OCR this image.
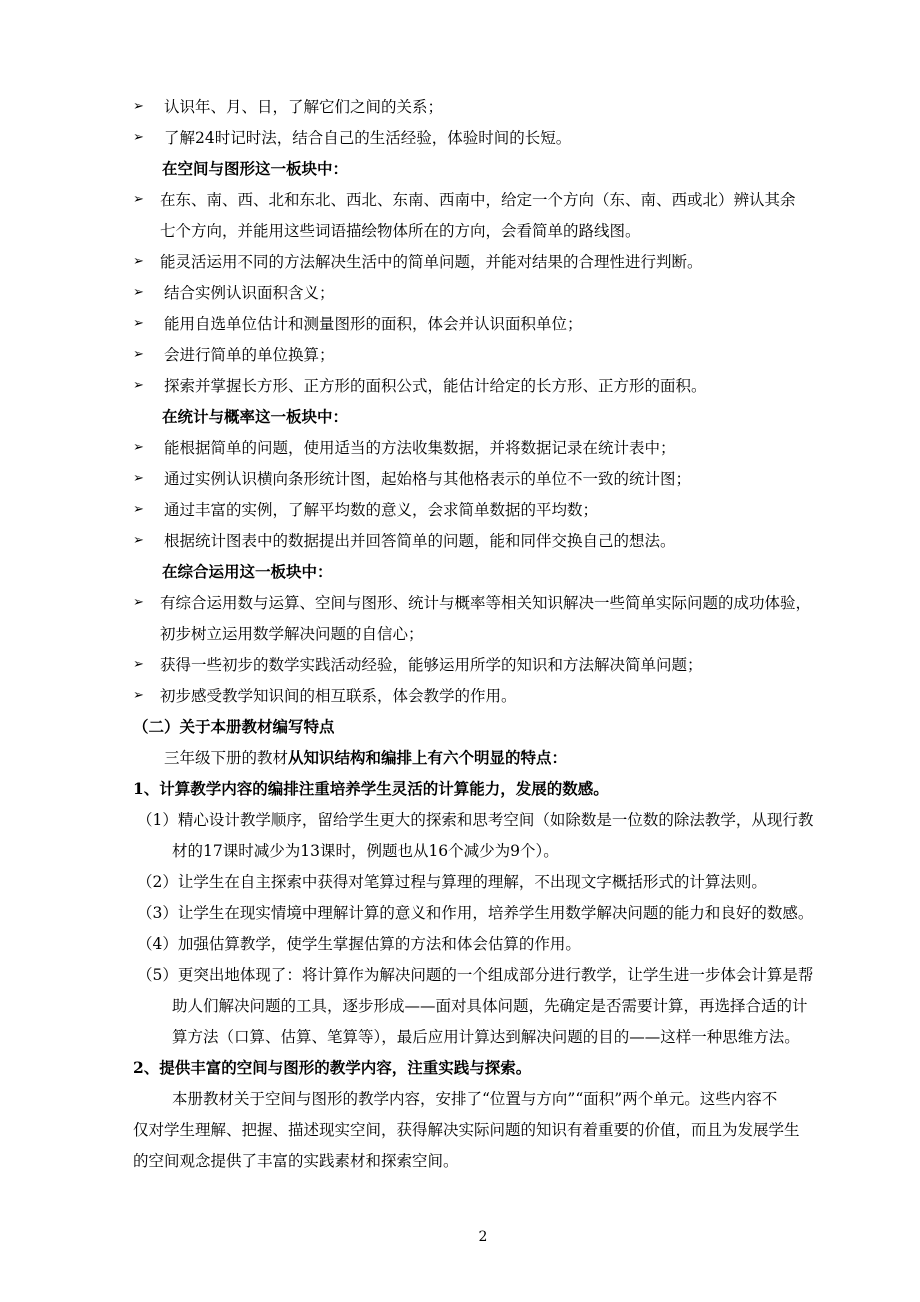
➢ 认识年、月、日，了解它们之间的关系；
➢ 了解24时记时法，结合自己的生活经验，体验时间的长短。
在空间与图形这一板块中：
➢ 在东、南、西、北和东北、西北、东南、西南中，给定一个方向（东、南、西或北）辨认其余
七个方向，并能用这些词语描绘物体所在的方向，会看简单的路线图。
➢ 能灵活运用不同的方法解决生活中的简单问题，并能对结果的合理性进行判断。
➢ 结合实例认识面积含义；
➢ 能用自选单位估计和测量图形的面积，体会并认识面积单位；
➢ 会进行简单的单位换算；
➢ 探索并掌握长方形、正方形的面积公式，能估计给定的长方形、正方形的面积。
在统计与概率这一板块中：
➢ 能根据简单的问题，使用适当的方法收集数据，并将数据记录在统计表中；
➢ 通过实例认识横向条形统计图，起始格与其他格表示的单位不一致的统计图；
➢ 通过丰富的实例，了解平均数的意义，会求简单数据的平均数；
➢ 根据统计图表中的数据提出并回答简单的问题，能和同伴交换自己的想法。
在综合运用这一板块中：
➢ 有综合运用数与运算、空间与图形、统计与概率等相关知识解决一些简单实际问题的成功体验，
初步树立运用数学解决问题的自信心；
➢ 获得一些初步的数学实践活动经验，能够运用所学的知识和方法解决简单问题；
➢ 初步感受教学知识间的相互联系，体会教学的作用。
（二）关于本册教材编写特点
三年级下册的教材从知识结构和编排上有六个明显的特点：
1、计算教学内容的编排注重培养学生灵活的计算能力，发展的数感。
（1）精心设计教学顺序，留给学生更大的探索和思考空间（如除数是一位数的除法教学，从现行教
材的17课时减少为13课时，例题也从16个减少为9个）。
（2）让学生在自主探索中获得对笔算过程与算理的理解，不出现文字概括形式的计算法则。
（3）让学生在现实情境中理解计算的意义和作用，培养学生用数学解决问题的能力和良好的数感。
（4）加强估算教学，使学生掌握估算的方法和体会估算的作用。
（5）更突出地体现了：将计算作为解决问题的一个组成部分进行教学，让学生进一步体会计算是帮
助人们解决问题的工具，逐步形成——面对具体问题，先确定是否需要计算，再选择合适的计
算方法（口算、估算、笔算等），最后应用计算达到解决问题的目的——这样一种思维方法。
2、提供丰富的空间与图形的教学内容，注重实践与探索。
本册教材关于空间与图形的教学内容，安排了“位置与方向”“面积”两个单元。这些内容不
仅对学生理解、把握、描述现实空间，获得解决实际问题的知识有着重要的价值，而且为发展学生
的空间观念提供了丰富的实践素材和探索空间。
2
